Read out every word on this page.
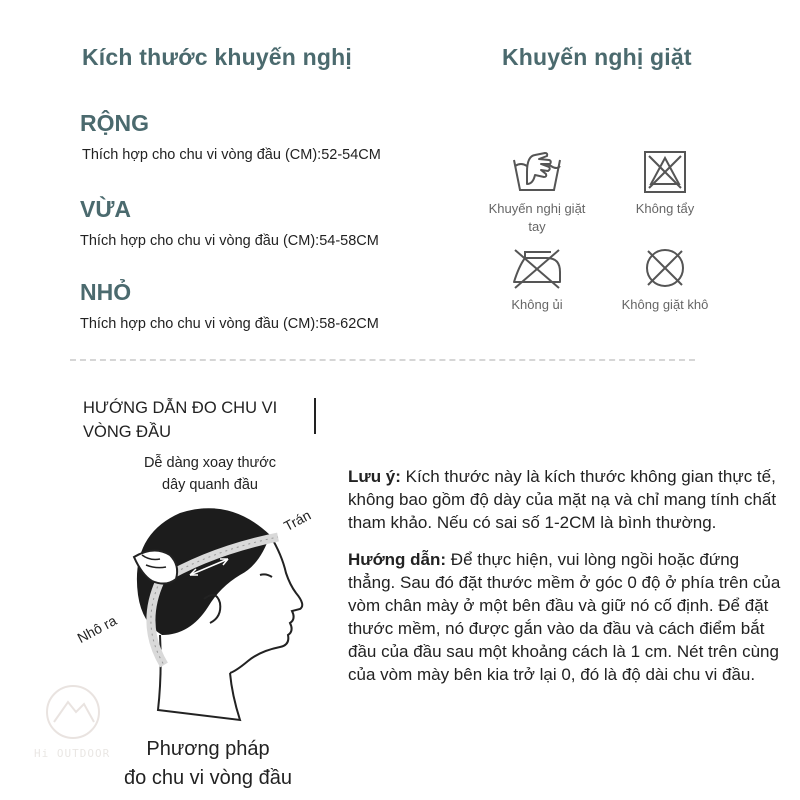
Kích thước khuyến nghị
RỘNG
Thích hợp cho chu vi vòng đầu (CM):52-54CM
VỪA
Thích hợp cho chu vi vòng đầu (CM):54-58CM
NHỎ
Thích hợp cho chu vi vòng đầu (CM):58-62CM
Khuyến nghị giặt
Khuyến nghị giặt tay
Không tẩy
Không ủi	Không giặt khô
HƯỚNG DẪN ĐO CHU VI
VÒNG ĐẦU
Dễ dàng xoay thước
dây quanh đầu
Trán
Nhô ra
Phương pháp
đo chu vi vòng đầu
Hi OUTDOOR

Lưu ý: Kích thước này là kích thước không gian thực tế, không bao gồm độ dày của mặt nạ và chỉ mang tính chất tham khảo. Nếu có sai số 1-2CM là bình thường.

Hướng dẫn: Để thực hiện, vui lòng ngồi hoặc đứng thẳng. Sau đó đặt thước mềm ở góc 0 độ ở phía trên của vòm chân mày ở một bên đầu và giữ nó cố định. Để đặt thước mềm, nó được gắn vào da đầu và cách điểm bắt đầu của đầu sau một khoảng cách là 1 cm. Nét trên cùng của vòm mày bên kia trở lại 0, đó là độ dài chu vi đầu.
